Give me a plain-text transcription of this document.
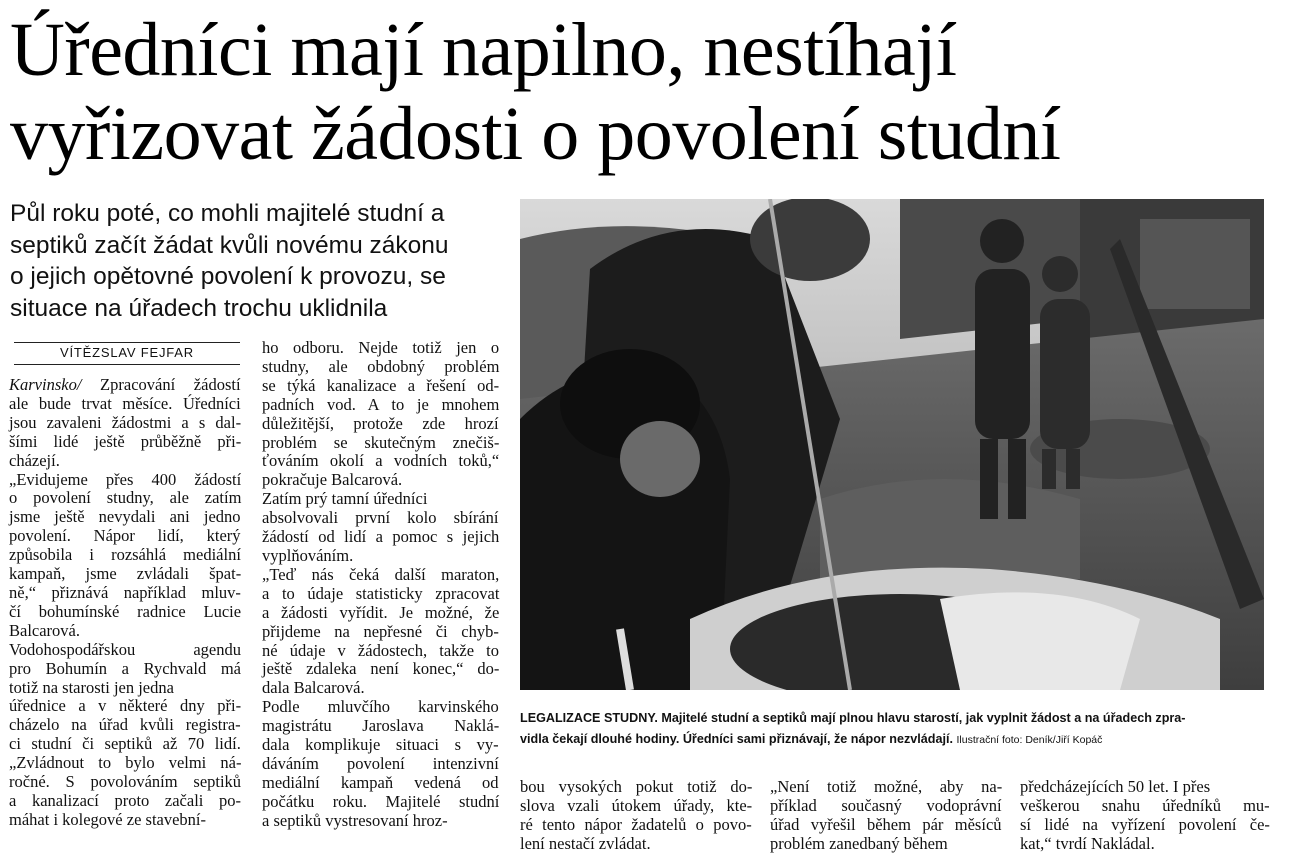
Úředníci mají napilno, nestíhají
vyřizovat žádosti o povolení studní
Půl roku poté, co mohli majitelé studní a
septiků začít žádat kvůli novému zákonu
o jejich opětovné povolení k provozu, se
situace na úřadech trochu uklidnila
VÍTĚZSLAV FEJFAR
Karvinsko/ Zpracování žádostí
ale bude trvat měsíce. Úředníci
jsou zavaleni žádostmi a s dal-
šími lidé ještě průběžně při-
cházejí.
„Evidujeme přes 400 žádostí
o povolení studny, ale zatím
jsme ještě nevydali ani jedno
povolení. Nápor lidí, který
způsobila i rozsáhlá mediální
kampaň, jsme zvládali špat-
ně,“ přiznává například mluv-
čí bohumínské radnice Lucie
Balcarová.
Vodohospodářskou agendu
pro Bohumín a Rychvald má
totiž na starosti jen jedna
úřednice a v některé dny při-
cházelo na úřad kvůli registra-
ci studní či septiků až 70 lidí.
„Zvládnout to bylo velmi ná-
ročné. S povolováním septiků
a kanalizací proto začali po-
máhat i kolegové ze stavební-
ho odboru. Nejde totiž jen o
studny, ale obdobný problém
se týká kanalizace a řešení od-
padních vod. A to je mnohem
důležitější, protože zde hrozí
problém se skutečným znečiš-
ťováním okolí a vodních toků,“
pokračuje Balcarová.
Zatím prý tamní úředníci
absolvovali první kolo sbírání
žádostí od lidí a pomoc s jejich
vyplňováním.
„Teď nás čeká další maraton,
a to údaje statisticky zpracovat
a žádosti vyřídit. Je možné, že
přijdeme na nepřesné či chyb-
né údaje v žádostech, takže to
ještě zdaleka není konec,“ do-
dala Balcarová.
Podle mluvčího karvinského
magistrátu Jaroslava Naklá-
dala komplikuje situaci s vy-
dáváním povolení intenzivní
mediální kampaň vedená od
počátku roku. Majitelé studní
a septiků vystresovaní hroz-
bou vysokých pokut totiž do-
slova vzali útokem úřady, kte-
ré tento nápor žadatelů o povo-
lení nestačí zvládat.
„Není totiž možné, aby na-
příklad současný vodoprávní
úřad vyřešil během pár měsíců
problém zanedbaný během
předcházejících 50 let. I přes
veškerou snahu úředníků mu-
sí lidé na vyřízení povolení če-
kat,“ tvrdí Nakládal.
LEGALIZACE STUDNY. Majitelé studní a septiků mají plnou hlavu starostí, jak vyplnit žádost a na úřadech zpra-
vidla čekají dlouhé hodiny. Úředníci sami přiznávají, že nápor nezvládají. Ilustrační foto: Deník/Jiří Kopáč
